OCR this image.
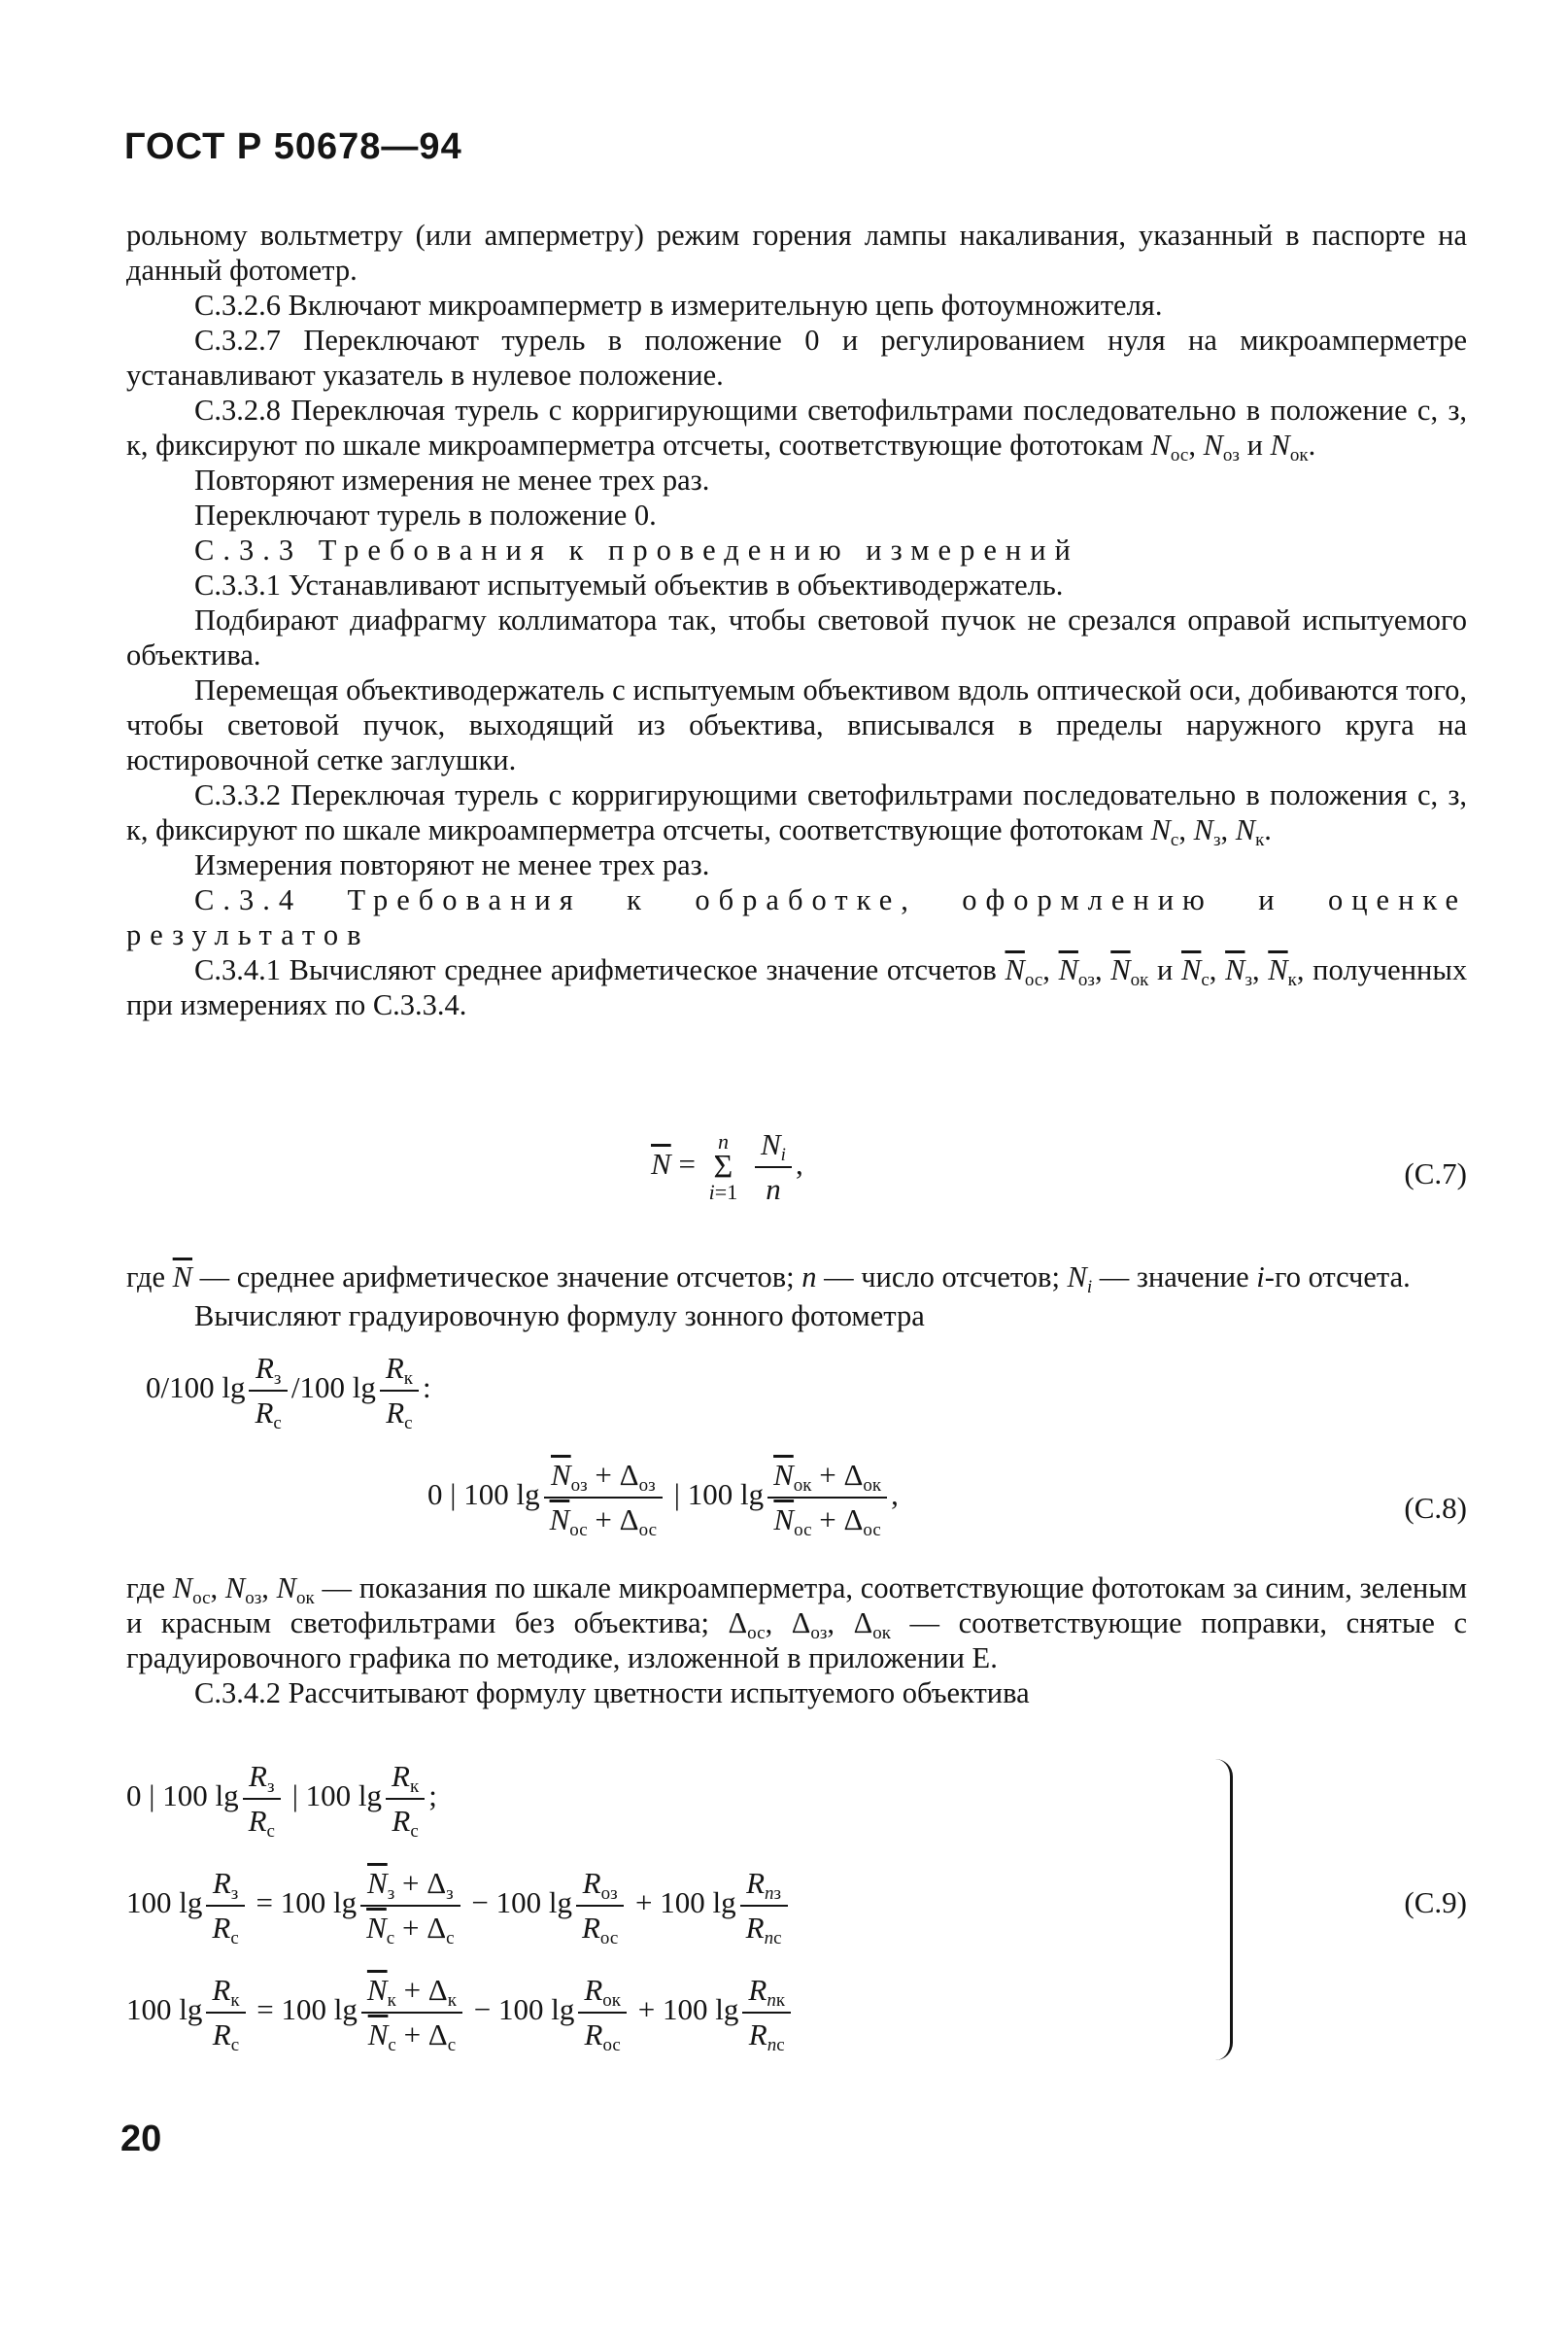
ГОСТ Р 50678—94

рольному вольтметру (или амперметру) режим горения лампы накаливания, указанный в паспорте на данный фотометр.

С.3.2.6 Включают микроамперметр в измерительную цепь фотоумножителя.

С.3.2.7 Переключают турель в положение 0 и регулированием нуля на микроамперметре устанавливают указатель в нулевое положение.

С.3.2.8 Переключая турель с корригирующими светофильтрами последовательно в положение с, з, к, фиксируют по шкале микроамперметра отсчеты, соответствующие фототокам $N_{ос}$, $N_{оз}$ и $N_{ок}$.

Повторяют измерения не менее трех раз.

Переключают турель в положение 0.

С.3.3 Требования к проведению измерений

С.3.3.1 Устанавливают испытуемый объектив в объективодержатель.

Подбирают диафрагму коллиматора так, чтобы световой пучок не срезался оправой испытуемого объектива.

Перемещая объективодержатель с испытуемым объективом вдоль оптической оси, добиваются того, чтобы световой пучок, выходящий из объектива, вписывался в пределы наружного круга на юстировочной сетке заглушки.

С.3.3.2 Переключая турель с корригирующими светофильтрами последовательно в положения с, з, к, фиксируют по шкале микроамперметра отсчеты, соответствующие фототокам $N_с$, $N_з$, $N_к$.

Измерения повторяют не менее трех раз.

С.3.4 Требования к обработке, оформлению и оценке результатов

С.3.4.1 Вычисляют среднее арифметическое значение отсчетов $\overline{N}_{ос}$, $\overline{N}_{оз}$, $\overline{N}_{ок}$ и $\overline{N}_с$, $\overline{N}_з$, $\overline{N}_к$, полученных при измерениях по С.3.3.4.

$\overline{N}$ =
n
Σ
i=1
$\frac{N_i}{n}$ ,	(С.7)

где $\overline{N}$ — среднее арифметическое значение отсчетов; n — число отсчетов; $N_i$ — значение i-го отсчета.

Вычисляют градуировочную формулу зонного фотометра

0/100 $\lg \frac{R_з}{R_с} /100$ $\lg \frac{R_к}{R_с}$ :
0 | 100 $\lg \frac{\overline{N}_{оз} + \Delta_{оз}}{\overline{N}_{ос} + \Delta_{ос}}$ | 100 $\lg \frac{\overline{N}_{ок} + \Delta_{ок}}{\overline{N}_{ос} + \Delta_{ос}}$ ,	(С.8)

где $N_{ос}$, $N_{оз}$, $N_{ок}$ — показания по шкале микроамперметра, соответствующие фототокам за синим, зеленым и красным светофильтрами без объектива; $\Delta_{ос}$, $\Delta_{оз}$, $\Delta_{ок}$ — соответствующие поправки, снятые с градуировочного графика по методике, изложенной в приложении Е.

С.3.4.2 Рассчитывают формулу цветности испытуемого объектива

0 | 100 $\lg \frac{R_з}{R_с}$ | 100 $\lg \frac{R_к}{R_с}$ ;
100 $\lg \frac{R_з}{R_с} = 100$ $\lg \frac{\overline{N}_з + \Delta_з}{\overline{N}_с + \Delta_с} - 100$ $\lg \frac{R_{оз}}{R_{ос}} + 100$ $\lg \frac{R_{nз}}{R_{nс}}$
100 $\lg \frac{R_к}{R_с} = 100$ $\lg \frac{\overline{N}_к + \Delta_к}{\overline{N}_с + \Delta_с} - 100$ $\lg \frac{R_{ок}}{R_{ос}} + 100$ $\lg \frac{R_{nк}}{R_{nс}}$
(С.9)
20
